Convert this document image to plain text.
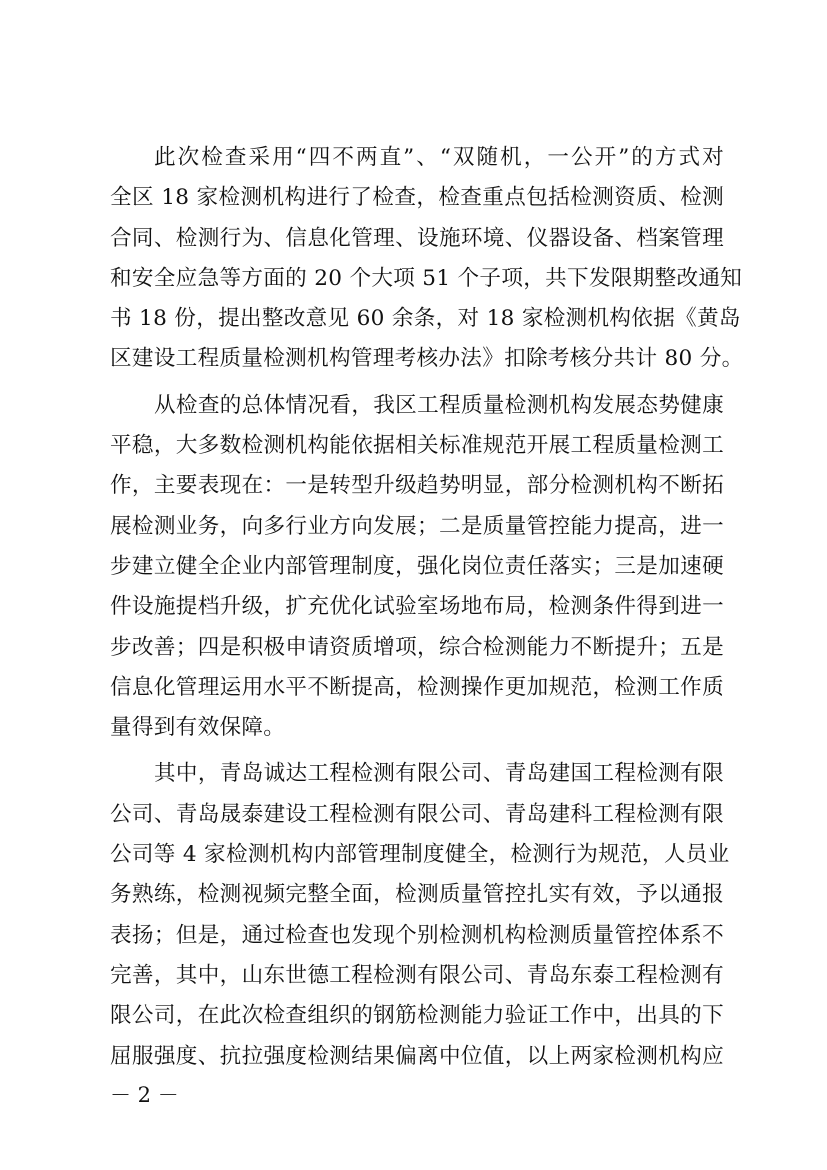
此次检查采用“四不两直”、“双随机，一公开”的方式对
全区 18 家检测机构进行了检查，检查重点包括检测资质、检测
合同、检测行为、信息化管理、设施环境、仪器设备、档案管理
和安全应急等方面的 20 个大项 51 个子项，共下发限期整改通知
书 18 份，提出整改意见 60 余条，对 18 家检测机构依据《黄岛
区建设工程质量检测机构管理考核办法》扣除考核分共计 80 分。
从检查的总体情况看，我区工程质量检测机构发展态势健康
平稳，大多数检测机构能依据相关标准规范开展工程质量检测工
作，主要表现在：一是转型升级趋势明显，部分检测机构不断拓
展检测业务，向多行业方向发展；二是质量管控能力提高，进一
步建立健全企业内部管理制度，强化岗位责任落实；三是加速硬
件设施提档升级，扩充优化试验室场地布局，检测条件得到进一
步改善；四是积极申请资质增项，综合检测能力不断提升；五是
信息化管理运用水平不断提高，检测操作更加规范，检测工作质
量得到有效保障。
其中，青岛诚达工程检测有限公司、青岛建国工程检测有限
公司、青岛晟泰建设工程检测有限公司、青岛建科工程检测有限
公司等 4 家检测机构内部管理制度健全，检测行为规范，人员业
务熟练，检测视频完整全面，检测质量管控扎实有效，予以通报
表扬；但是，通过检查也发现个别检测机构检测质量管控体系不
完善，其中，山东世德工程检测有限公司、青岛东泰工程检测有
限公司，在此次检查组织的钢筋检测能力验证工作中，出具的下
屈服强度、抗拉强度检测结果偏离中位值，以上两家检测机构应
－ 2 －
